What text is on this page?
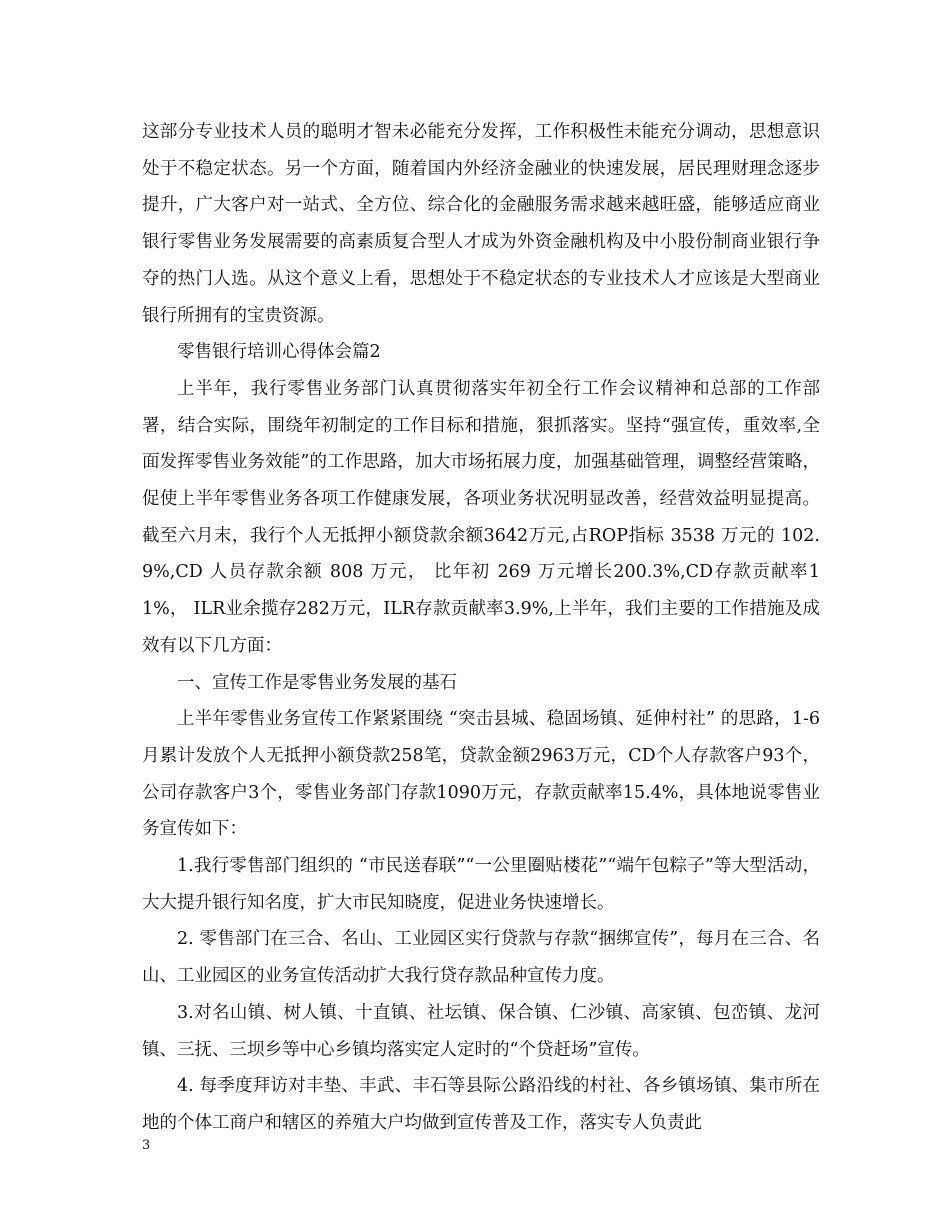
这部分专业技术人员的聪明才智未必能充分发挥，工作积极性未能充分调动，思想意识处于不稳定状态。另一个方面，随着国内外经济金融业的快速发展，居民理财理念逐步提升，广大客户对一站式、全方位、综合化的金融服务需求越来越旺盛，能够适应商业银行零售业务发展需要的高素质复合型人才成为外资金融机构及中小股份制商业银行争夺的热门人选。从这个意义上看，思想处于不稳定状态的专业技术人才应该是大型商业银行所拥有的宝贵资源。

零售银行培训心得体会篇2

上半年，我行零售业务部门认真贯彻落实年初全行工作会议精神和总部的工作部署，结合实际，围绕年初制定的工作目标和措施，狠抓落实。坚持“强宣传，重效率,全面发挥零售业务效能”的工作思路，加大市场拓展力度，加强基础管理，调整经营策略，促使上半年零售业务各项工作健康发展，各项业务状况明显改善，经营效益明显提高。截至六月末，我行个人无抵押小额贷款余额3642万元,占ROP指标 3538 万元的 102.9%,CD 人员存款余额 808 万元， 比年初 269 万元增长200.3%,CD存款贡献率11%， ILR业余揽存282万元，ILR存款贡献率3.9%,上半年，我们主要的工作措施及成效有以下几方面：

一、宣传工作是零售业务发展的基石

上半年零售业务宣传工作紧紧围绕 “突击县城、稳固场镇、延伸村社” 的思路，1-6月累计发放个人无抵押小额贷款258笔，贷款金额2963万元，CD个人存款客户93个，公司存款客户3个，零售业务部门存款1090万元，存款贡献率15.4%，具体地说零售业务宣传如下：

1.我行零售部门组织的 “市民送春联”“一公里圈贴楼花”“端午包粽子”等大型活动，大大提升银行知名度，扩大市民知晓度，促进业务快速增长。

2. 零售部门在三合、名山、工业园区实行贷款与存款“捆绑宣传”，每月在三合、名山、工业园区的业务宣传活动扩大我行贷存款品种宣传力度。

3.对名山镇、树人镇、十直镇、社坛镇、保合镇、仁沙镇、高家镇、包峦镇、龙河镇、三抚、三坝乡等中心乡镇均落实定人定时的“个贷赶场”宣传。

4. 每季度拜访对丰垫、丰武、丰石等县际公路沿线的村社、各乡镇场镇、集市所在地的个体工商户和辖区的养殖大户均做到宣传普及工作，落实专人负责此

3
